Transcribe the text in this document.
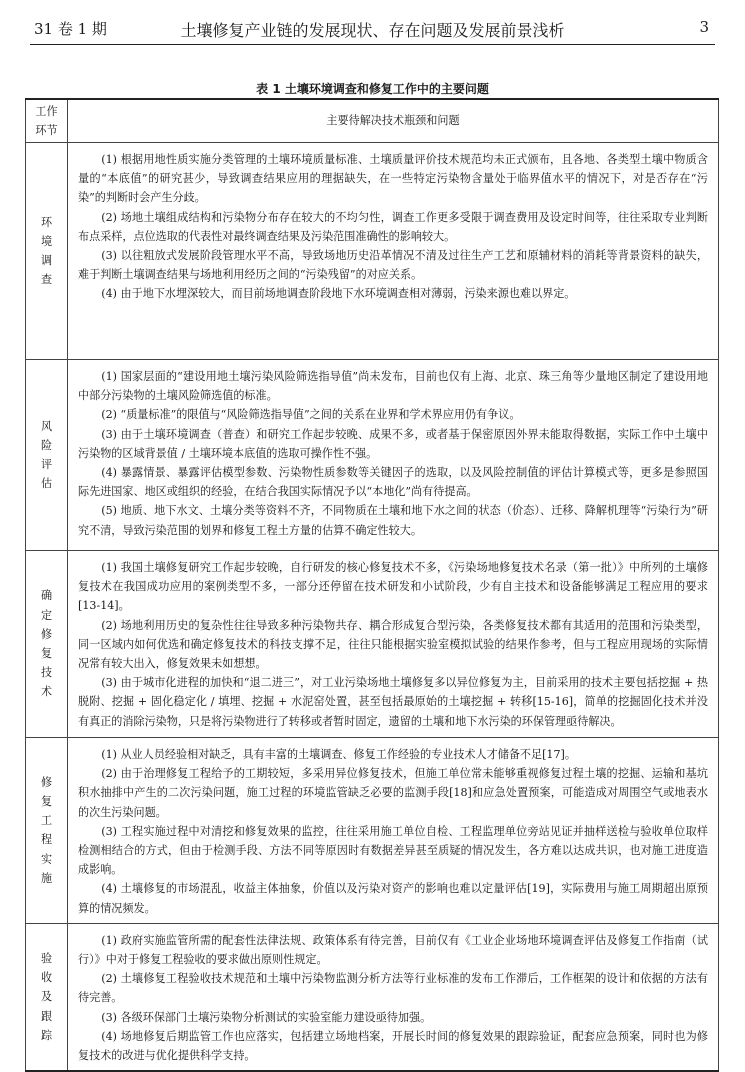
31 卷 1 期	土壤修复产业链的发展现状、存在问题及发展前景浅析	3
表 1 土壤环境调查和修复工作中的主要问题
工作环节	主要待解决技术瓶颈和问题
环境调查	(1) 根据用地性质实施分类管理的土壤环境质量标准、土壤质量评价技术规范均未正式颁布，且各地、各类型土壤中物质含量的“本底值”的研究甚少，导致调查结果应用的理据缺失，在一些特定污染物含量处于临界值水平的情况下，对是否存在“污染”的判断时会产生分歧。

(2) 场地土壤组成结构和污染物分布存在较大的不均匀性，调查工作更多受限于调查费用及设定时间等，往往采取专业判断布点采样，点位选取的代表性对最终调查结果及污染范围准确性的影响较大。

(3) 以往粗放式发展阶段管理水平不高，导致场地历史沿革情况不清及过往生产工艺和原辅材料的消耗等背景资料的缺失，难于判断土壤调查结果与场地利用经历之间的“污染残留”的对应关系。

(4) 由于地下水埋深较大，而目前场地调查阶段地下水环境调查相对薄弱，污染来源也难以界定。

风险评估	(1) 国家层面的“建设用地土壤污染风险筛选指导值”尚未发布，目前也仅有上海、北京、珠三角等少量地区制定了建设用地中部分污染物的土壤风险筛选值的标准。

(2) “质量标准”的限值与“风险筛选指导值”之间的关系在业界和学术界应用仍有争议。

(3) 由于土壤环境调查（普查）和研究工作起步较晚、成果不多，或者基于保密原因外界未能取得数据，实际工作中土壤中污染物的区域背景值 / 土壤环境本底值的选取可操作性不强。

(4) 暴露情景、暴露评估模型参数、污染物性质参数等关键因子的选取，以及风险控制值的评估计算模式等，更多是参照国际先进国家、地区或组织的经验，在结合我国实际情况予以“本地化”尚有待提高。

(5) 地质、地下水文、土壤分类等资料不齐，不同物质在土壤和地下水之间的状态（价态）、迁移、降解机理等“污染行为”研究不清，导致污染范围的划界和修复工程土方量的估算不确定性较大。

确定修复技术	(1) 我国土壤修复研究工作起步较晚，自行研发的核心修复技术不多，《污染场地修复技术名录（第一批）》中所列的土壤修复技术在我国成功应用的案例类型不多，一部分还停留在技术研发和小试阶段，少有自主技术和设备能够满足工程应用的要求[13-14]。

(2) 场地利用历史的复杂性往往导致多种污染物共存、耦合形成复合型污染，各类修复技术都有其适用的范围和污染类型，同一区域内如何优选和确定修复技术的科技支撑不足，往往只能根据实验室模拟试验的结果作参考，但与工程应用现场的实际情况常有较大出入，修复效果未如想想。

(3) 由于城市化进程的加快和“退二进三”，对工业污染场地土壤修复多以异位修复为主，目前采用的技术主要包括挖掘 + 热脱附、挖掘 + 固化稳定化 / 填埋、挖掘 + 水泥窑处置，甚至包括最原始的土壤挖掘 + 转移[15-16]，简单的挖掘固化技术并没有真正的消除污染物，只是将污染物进行了转移或者暂时固定，遗留的土壤和地下水污染的环保管理亟待解决。

修复工程实施	(1) 从业人员经验相对缺乏，具有丰富的土壤调查、修复工作经验的专业技术人才储备不足[17]。

(2) 由于治理修复工程给予的工期较短，多采用异位修复技术，但施工单位常未能够重视修复过程土壤的挖掘、运输和基坑积水抽排中产生的二次污染问题，施工过程的环境监管缺乏必要的监测手段[18]和应急处置预案，可能造成对周围空气或地表水的次生污染问题。

(3) 工程实施过程中对清挖和修复效果的监控，往往采用施工单位自检、工程监理单位旁站见证并抽样送检与验收单位取样检测相结合的方式，但由于检测手段、方法不同等原因时有数据差异甚至质疑的情况发生，各方难以达成共识，也对施工进度造成影响。

(4) 土壤修复的市场混乱，收益主体抽象，价值以及污染对资产的影响也难以定量评估[19]，实际费用与施工周期超出原预算的情况频发。

验收及跟踪	(1) 政府实施监管所需的配套性法律法规、政策体系有待完善，目前仅有《工业企业场地环境调查评估及修复工作指南（试行）》中对于修复工程验收的要求做出原则性规定。

(2) 土壤修复工程验收技术规范和土壤中污染物监测分析方法等行业标准的发布工作滞后，工作框架的设计和依据的方法有待完善。

(3) 各级环保部门土壤污染物分析测试的实验室能力建设亟待加强。

(4) 场地修复后期监管工作也应落实，包括建立场地档案，开展长时间的修复效果的跟踪验证，配套应急预案，同时也为修复技术的改进与优化提供科学支持。
